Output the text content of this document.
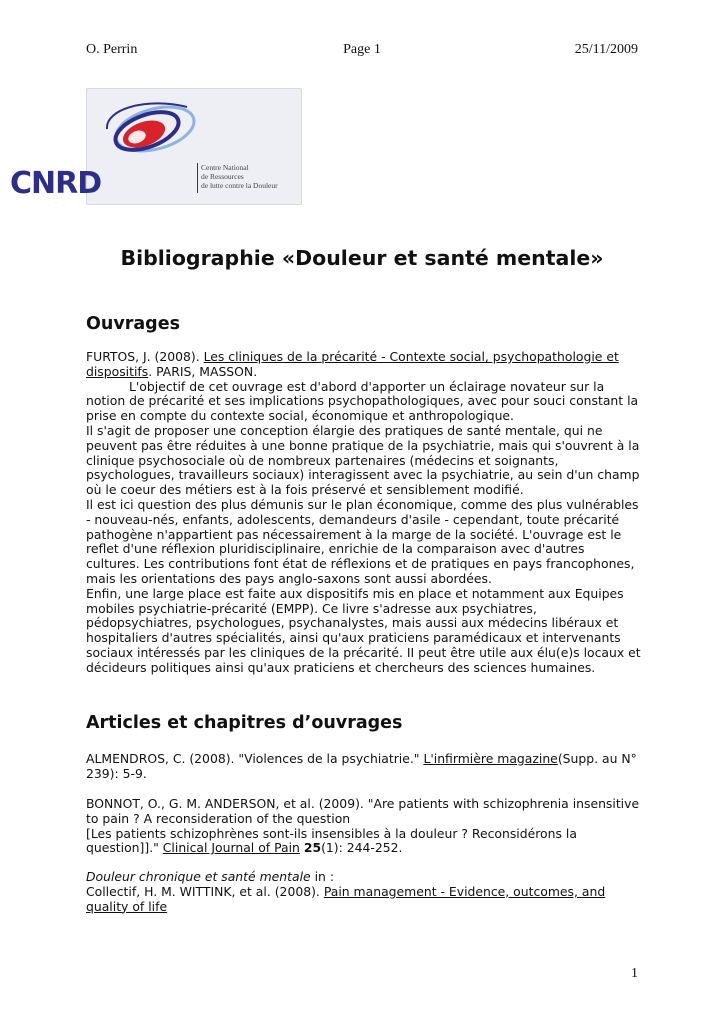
O. Perrin	Page 1	25/11/2009
CNRD	Centre National
de Ressources
de lutte contre la Douleur
Bibliographie «Douleur et santé mentale»
Ouvrages

FURTOS, J. (2008). Les cliniques de la précarité - Contexte social, psychopathologie et dispositifs. PARIS, MASSON.

L'objectif de cet ouvrage est d'abord d'apporter un éclairage novateur sur la notion de précarité et ses implications psychopathologiques, avec pour souci constant la prise en compte du contexte social, économique et anthropologique.

Il s'agit de proposer une conception élargie des pratiques de santé mentale, qui ne peuvent pas être réduites à une bonne pratique de la psychiatrie, mais qui s'ouvrent à la clinique psychosociale où de nombreux partenaires (médecins et soignants, psychologues, travailleurs sociaux) interagissent avec la psychiatrie, au sein d'un champ où le coeur des métiers est à la fois préservé et sensiblement modifié.

Il est ici question des plus démunis sur le plan économique, comme des plus vulnérables - nouveau-nés, enfants, adolescents, demandeurs d'asile - cependant, toute précarité pathogène n'appartient pas nécessairement à la marge de la société. L'ouvrage est le reflet d'une réflexion pluridisciplinaire, enrichie de la comparaison avec d'autres cultures. Les contributions font état de réflexions et de pratiques en pays francophones, mais les orientations des pays anglo-saxons sont aussi abordées.

Enfin, une large place est faite aux dispositifs mis en place et notamment aux Equipes mobiles psychiatrie-précarité (EMPP). Ce livre s'adresse aux psychiatres, pédopsychiatres, psychologues, psychanalystes, mais aussi aux médecins libéraux et hospitaliers d'autres spécialités, ainsi qu'aux praticiens paramédicaux et intervenants sociaux intéressés par les cliniques de la précarité. II peut être utile aux élu(e)s locaux et décideurs politiques ainsi qu'aux praticiens et chercheurs des sciences humaines.

Articles et chapitres d’ouvrages

ALMENDROS, C. (2008). "Violences de la psychiatrie." L'infirmière magazine(Supp. au N° 239): 5-9.

BONNOT, O., G. M. ANDERSON, et al. (2009). "Are patients with schizophrenia insensitive to pain ? A reconsideration of the question

[Les patients schizophrènes sont-ils insensibles à la douleur ? Reconsidérons la question]]." Clinical Journal of Pain 25(1): 244-252.

Douleur chronique et santé mentale in :

Collectif, H. M. WITTINK, et al. (2008). Pain management - Evidence, outcomes, and quality of life

1
